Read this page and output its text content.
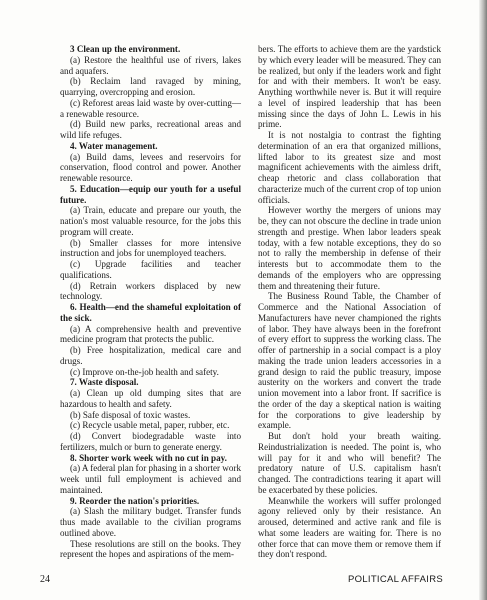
3 Clean up the environment.

(a) Restore the healthful use of rivers, lakes and aquafers.

(b) Reclaim land ravaged by mining, quarrying, overcropping and erosion.

(c) Reforest areas laid waste by over-cutting—a renewable resource.

(d) Build new parks, recreational areas and wild life refuges.

4. Water management.

(a) Build dams, levees and reservoirs for conservation, flood control and power. Another renewable resource.

5. Education—equip our youth for a useful future.

(a) Train, educate and prepare our youth, the nation's most valuable resource, for the jobs this program will create.

(b) Smaller classes for more intensive instruction and jobs for unemployed teachers.

(c) Upgrade facilities and teacher qualifications.

(d) Retrain workers displaced by new technology.

6. Health—end the shameful exploitation of the sick.

(a) A comprehensive health and preventive medicine program that protects the public.

(b) Free hospitalization, medical care and drugs.

(c) Improve on-the-job health and safety.

7. Waste disposal.

(a) Clean up old dumping sites that are hazardous to health and safety.

(b) Safe disposal of toxic wastes.

(c) Recycle usable metal, paper, rubber, etc.

(d) Convert biodegradable waste into fertilizers, mulch or burn to generate energy.

8. Shorter work week with no cut in pay.

(a) A federal plan for phasing in a shorter work week until full employment is achieved and maintained.

9. Reorder the nation's priorities.

(a) Slash the military budget. Transfer funds thus made available to the civilian programs outlined above.

These resolutions are still on the books. They represent the hopes and aspirations of the mem-

bers. The efforts to achieve them are the yardstick by which every leader will be measured. They can be realized, but only if the leaders work and fight for and with their members. It won't be easy. Anything worthwhile never is. But it will require a level of inspired leadership that has been missing since the days of John L. Lewis in his prime.

It is not nostalgia to contrast the fighting determination of an era that organized millions, lifted labor to its greatest size and most magnificent achievements with the aimless drift, cheap rhetoric and class collaboration that characterize much of the current crop of top union officials.

However worthy the mergers of unions may be, they can not obscure the decline in trade union strength and prestige. When labor leaders speak today, with a few notable exceptions, they do so not to rally the membership in defense of their interests but to accommodate them to the demands of the employers who are oppressing them and threatening their future.

The Business Round Table, the Chamber of Commerce and the National Association of Manufacturers have never championed the rights of labor. They have always been in the forefront of every effort to suppress the working class. The offer of partnership in a social compact is a ploy making the trade union leaders accessories in a grand design to raid the public treasury, impose austerity on the workers and convert the trade union movement into a labor front. If sacrifice is the order of the day a skeptical nation is waiting for the corporations to give leadership by example.

But don't hold your breath waiting. Reindustrialization is needed. The point is, who will pay for it and who will benefit? The predatory nature of U.S. capitalism hasn't changed. The contradictions tearing it apart will be exacerbated by these policies.

Meanwhile the workers will suffer prolonged agony relieved only by their resistance. An aroused, determined and active rank and file is what some leaders are waiting for. There is no other force that can move them or remove them if they don't respond.

24	POLITICAL AFFAIRS
